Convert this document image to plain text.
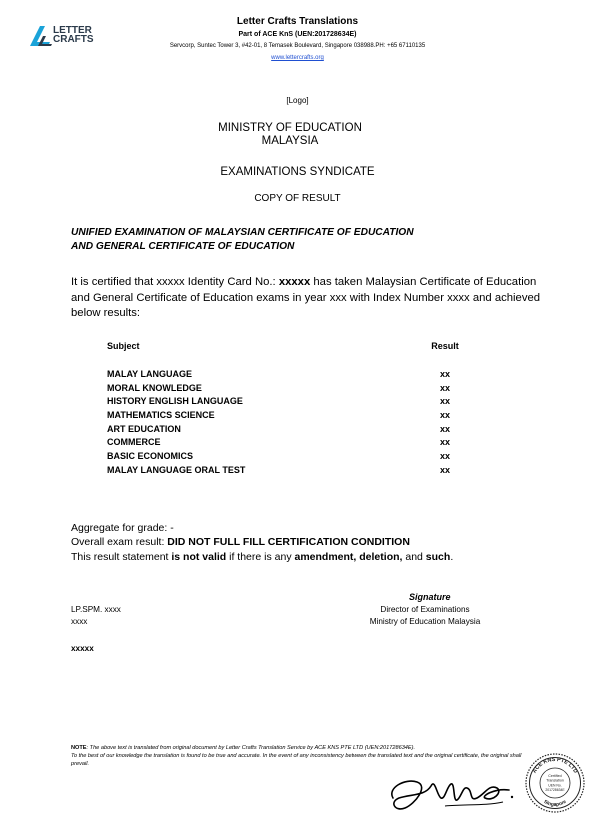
LETTER
CRAFTS
Letter Crafts Translations
Part of ACE KnS (UEN:201728634E)
Servcorp, Suntec Tower 3, #42-01, 8 Temasek Boulevard, Singapore 038988.PH: +65 67110135
www.lettercrafts.org
[Logo]
MINISTRY OF EDUCATION
MALAYSIA
EXAMINATIONS SYNDICATE
COPY OF RESULT
UNIFIED EXAMINATION OF MALAYSIAN CERTIFICATE OF EDUCATION
AND GENERAL CERTIFICATE OF EDUCATION
It is certified that xxxxx Identity Card No.: xxxxx has taken Malaysian Certificate of Education and General Certificate of Education exams in year xxx with Index Number xxxx and achieved below results:
Subject	Result
MALAY LANGUAGE	xx
MORAL KNOWLEDGE	xx
HISTORY ENGLISH LANGUAGE	xx
MATHEMATICS SCIENCE	xx
ART EDUCATION	xx
COMMERCE	xx
BASIC ECONOMICS	xx
MALAY LANGUAGE ORAL TEST	xx
Aggregate for grade: -
Overall exam result: DID NOT FULL FILL CERTIFICATION CONDITION
This result statement is not valid if there is any amendment, deletion, and such.
Signature
LP.SPM. xxxx
xxxx
Director of Examinations
Ministry of Education Malaysia
xxxxx
NOTE: The above text is translated from original document by Letter Crafts Translation Service by ACE KNS PTE LTD (UEN:201728634E).
To the best of our knowledge the translation is found to be true and accurate. In the event of any inconsistency between the translated text and the original certificate, the original shall prevail.
ACE KNS PTE LTD
Singapore
Certified
Translation
UEN No.
201728634E
